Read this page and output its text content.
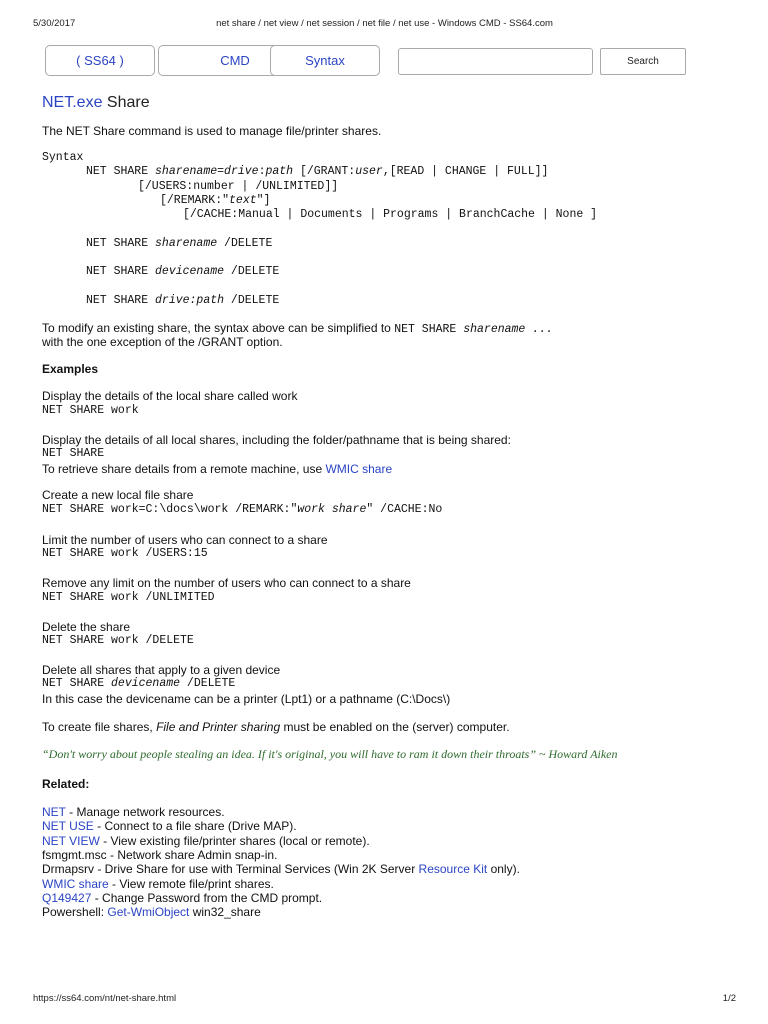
5/30/2017	net share / net view / net session / net file / net use - Windows CMD - SS64.com
( SS64 )	CMD	Syntax	Search
NET.exe Share
The NET Share command is used to manage file/printer shares.
Syntax
NET SHARE sharename=drive:path [/GRANT:user,[READ | CHANGE | FULL]]
[/USERS:number | /UNLIMITED]]
[/REMARK:"text"]
[/CACHE:Manual | Documents | Programs | BranchCache | None ]
NET SHARE sharename /DELETE
NET SHARE devicename /DELETE
NET SHARE drive:path /DELETE
To modify an existing share, the syntax above can be simplified to NET SHARE sharename ...
with the one exception of the /GRANT option.
Examples
Display the details of the local share called work
NET SHARE work
Display the details of all local shares, including the folder/pathname that is being shared:
NET SHARE
To retrieve share details from a remote machine, use WMIC share
Create a new local file share
NET SHARE work=C:\docs\work /REMARK:"work share" /CACHE:No
Limit the number of users who can connect to a share
NET SHARE work /USERS:15
Remove any limit on the number of users who can connect to a share
NET SHARE work /UNLIMITED
Delete the share
NET SHARE work /DELETE
Delete all shares that apply to a given device
NET SHARE devicename /DELETE
In this case the devicename can be a printer (Lpt1) or a pathname (C:\Docs\)
To create file shares, File and Printer sharing must be enabled on the (server) computer.
“Don't worry about people stealing an idea. If it's original, you will have to ram it down their throats” ~ Howard Aiken
Related:
NET - Manage network resources.
NET USE - Connect to a file share (Drive MAP).
NET VIEW - View existing file/printer shares (local or remote).
fsmgmt.msc - Network share Admin snap-in.
Drmapsrv - Drive Share for use with Terminal Services (Win 2K Server Resource Kit only).
WMIC share - View remote file/print shares.
Q149427 - Change Password from the CMD prompt.
Powershell: Get-WmiObject win32_share
https://ss64.com/nt/net-share.html	1/2
